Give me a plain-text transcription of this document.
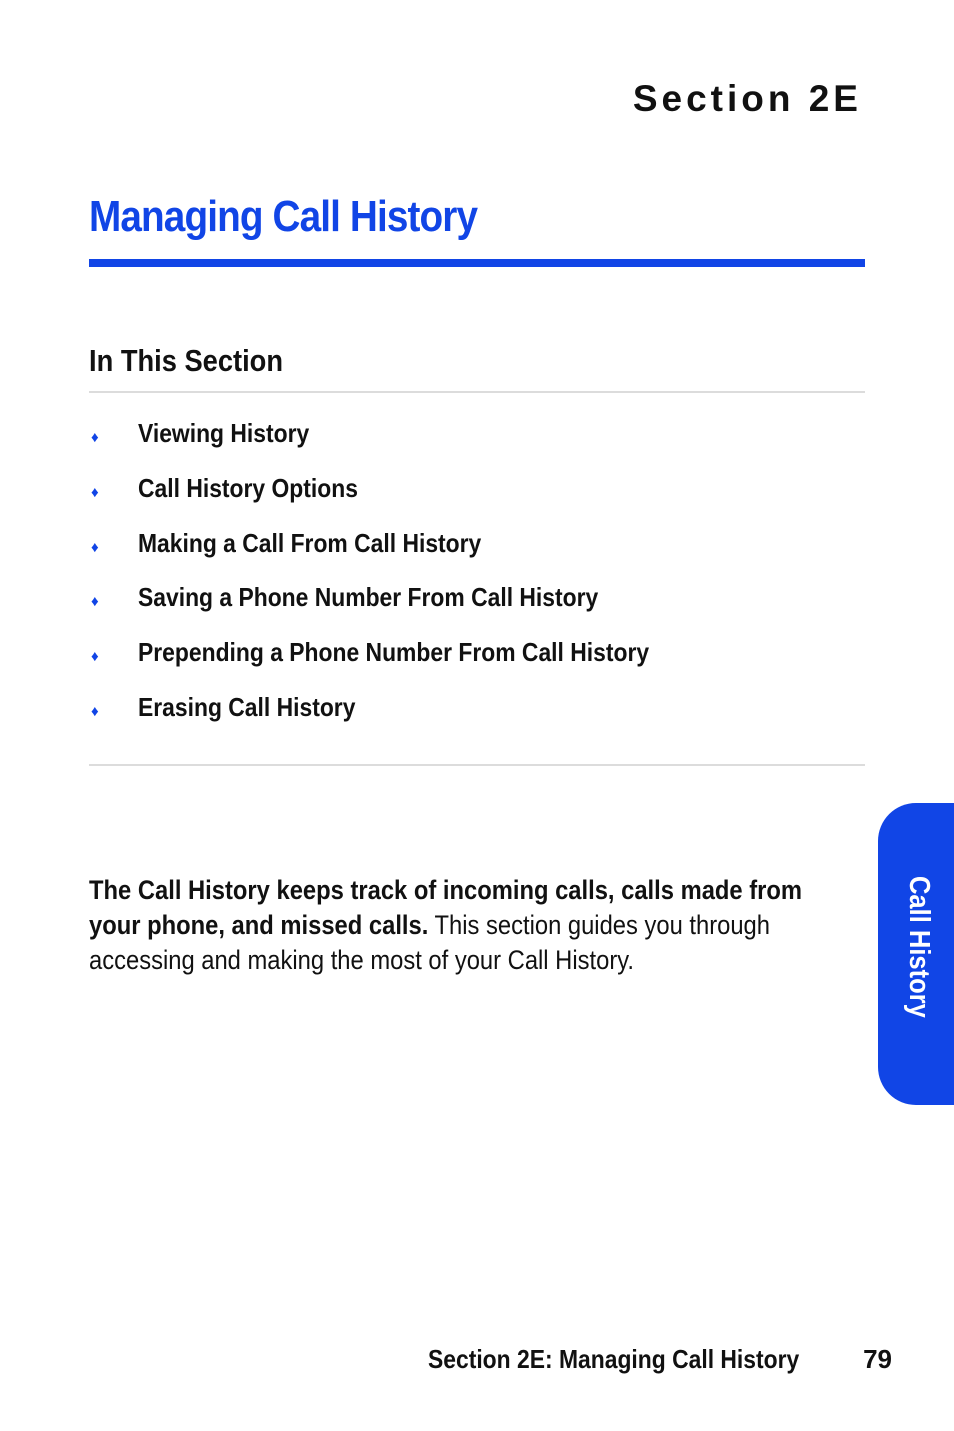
Section 2E
Managing Call History
In This Section
♦	Viewing History
♦	Call History Options
♦	Making a Call From Call History
♦	Saving a Phone Number From Call History
♦	Prepending a Phone Number From Call History
♦	Erasing Call History

The Call History keeps track of incoming calls, calls made from your phone, and missed calls. This section guides you through accessing and making the most of your Call History.	Call History
Section 2E: Managing Call History 79
